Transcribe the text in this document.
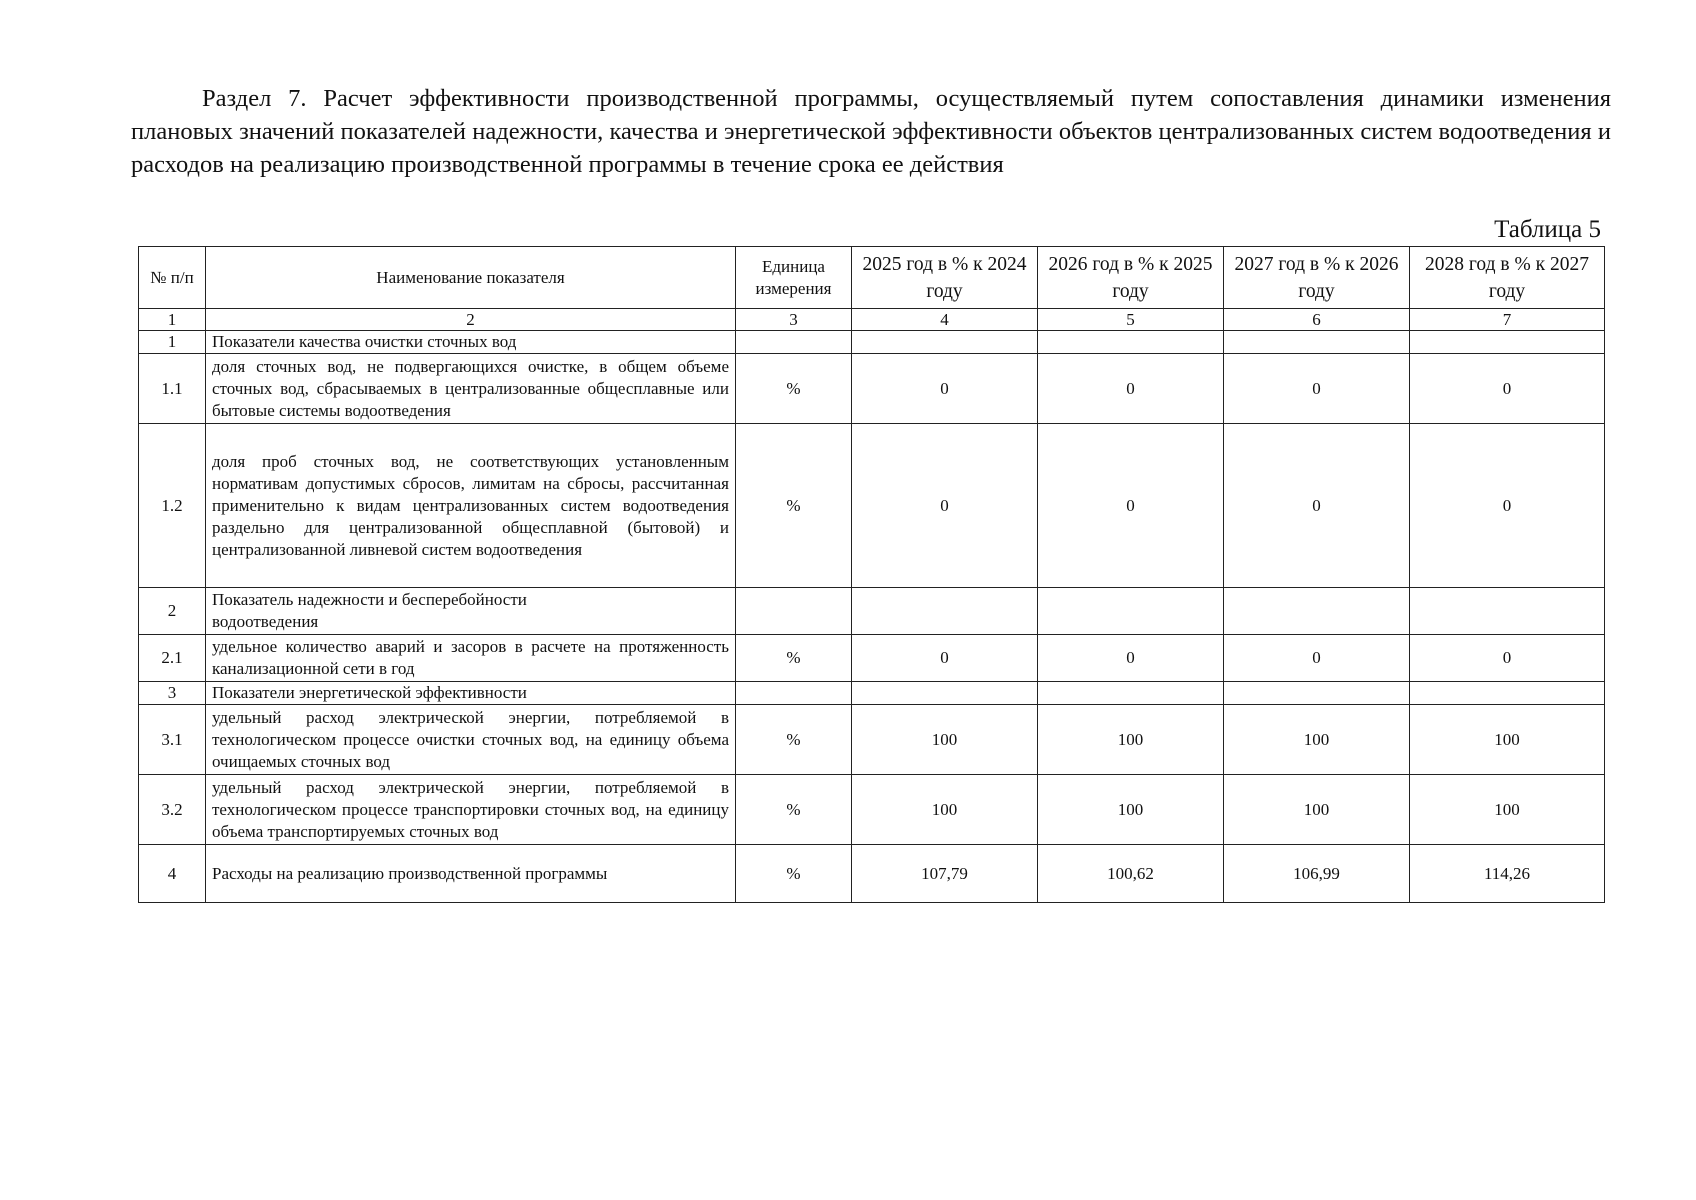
Раздел 7. Расчет эффективности производственной программы, осуществляемый путем сопоставления динамики изменения плановых значений показателей надежности, качества и энергетической эффективности объектов централизованных систем водоотведения и расходов на реализацию производственной программы в течение срока ее действия

Таблица 5
№ п/п	Наименование показателя	Единица измерения	2025 год в % к 2024 году	2026 год в % к 2025 году	2027 год в % к 2026 году	2028 год в % к 2027 году
1	2	3	4	5	6	7
1	Показатели качества очистки сточных вод					
1.1	доля сточных вод, не подвергающихся очистке, в общем объеме сточных вод, сбрасываемых в централизованные общесплавные или бытовые системы водоотведения	%	0	0	0	0
1.2	доля проб сточных вод, не соответствующих установленным нормативам допустимых сбросов, лимитам на сбросы, рассчитанная применительно к видам централизованных систем водоотведения раздельно для централизованной общесплавной (бытовой) и централизованной ливневой систем водоотведения	%	0	0	0	0
2	Показатель надежности и бесперебойности водоотведения					
2.1	удельное количество аварий и засоров в расчете на протяженность канализационной сети в год	%	0	0	0	0
3	Показатели энергетической эффективности					
3.1	удельный расход электрической энергии, потребляемой в технологическом процессе очистки сточных вод, на единицу объема очищаемых сточных вод	%	100	100	100	100
3.2	удельный расход электрической энергии, потребляемой в технологическом процессе транспортировки сточных вод, на единицу объема транспортируемых сточных вод	%	100	100	100	100
4	Расходы на реализацию производственной программы	%	107,79	100,62	106,99	114,26
